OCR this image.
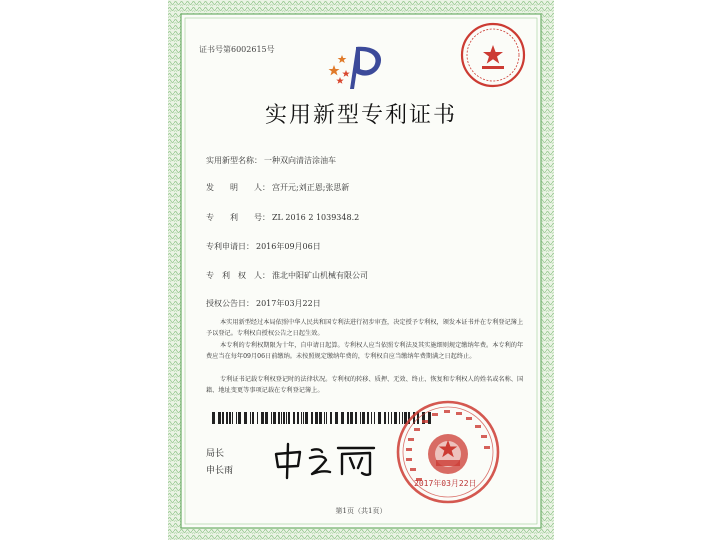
证书号第6002615号
实用新型专利证书
实用新型名称： 一种双向清洁涂油车
发　　明　　人： 宫开元;刘正恩;张思新
专　　利　　号： ZL 2016 2 1039348.2
专利申请日： 2016年09月06日
专　利　权　人： 淮北中阳矿山机械有限公司
授权公告日： 2017年03月22日
本实用新型经过本局依照中华人民共和国专利法进行初步审查，决定授予专利权，颁发本证书并在专利登记簿上予以登记。专利权自授权公告之日起生效。
本专利的专利权期限为十年，自申请日起算。专利权人应当依照专利法及其实施细则规定缴纳年费。本专利的年费应当在每年09月06日前缴纳。未按照规定缴纳年费的，专利权自应当缴纳年费期满之日起终止。
专利证书记载专利权登记时的法律状况。专利权的转移、质押、无效、终止、恢复和专利权人的姓名或名称、国籍、地址变更等事项记载在专利登记簿上。
局长
申长雨
2017年03月22日
第1页（共1页）
